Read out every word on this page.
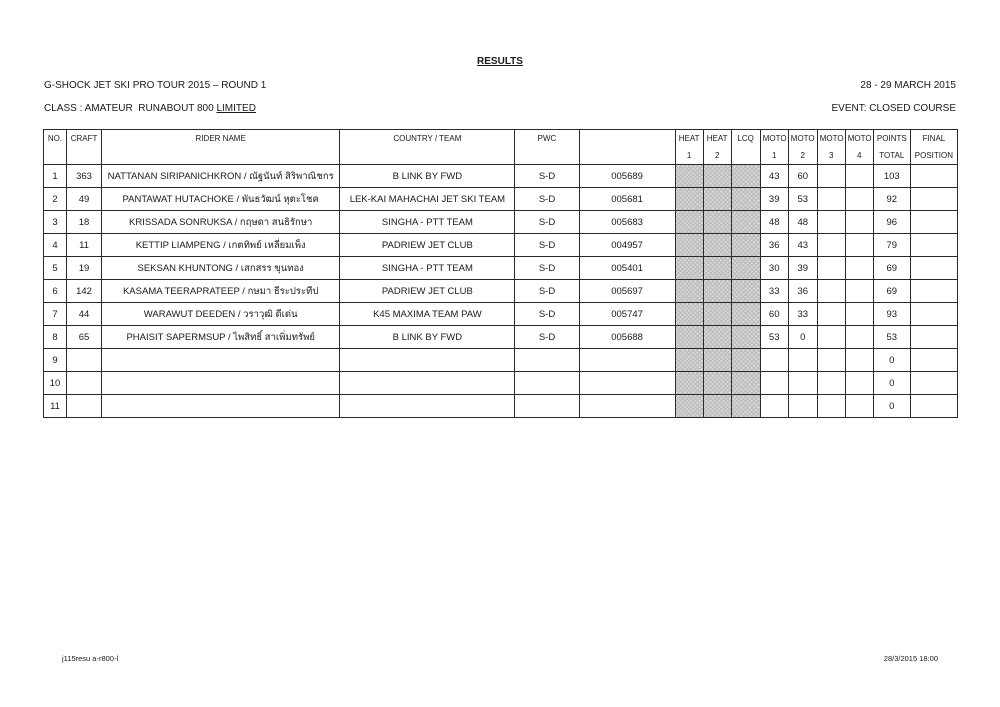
RESULTS
G-SHOCK JET SKI PRO TOUR 2015 – ROUND 1	28 - 29 MARCH 2015
CLASS : AMATEUR  RUNABOUT 800 LIMITED	EVENT: CLOSED COURSE
NO.	CRAFT	RIDER NAME	COUNTRY / TEAM	PWC		HEAT	HEAT	LCQ	MOTO	MOTO	MOTO	MOTO	POINTS	FINAL
						1	2		1	2	3	4	TOTAL	POSITION
1	363	NATTANAN SIRIPANICHKRON / ณัฐนันท์ สิริพาณิชกร	B LINK BY FWD	S-D	005689				43	60			103	
2	49	PANTAWAT HUTACHOKE / พันธวัฒน์ หุตะโชค	LEK-KAI MAHACHAI JET SKI TEAM	S-D	005681				39	53			92	
3	18	KRISSADA SONRUKSA / กฤษดา สนธิรักษา	SINGHA - PTT TEAM	S-D	005683				48	48			96	
4	11	KETTIP LIAMPENG / เกตทิพย์ เหลี่ยมเพ็ง	PADRIEW JET CLUB	S-D	004957				36	43			79	
5	19	SEKSAN KHUNTONG / เสกสรร ขุนทอง	SINGHA - PTT TEAM	S-D	005401				30	39			69	
6	142	KASAMA TEERAPRATEEP / กษมา ธีระประทีป	PADRIEW JET CLUB	S-D	005697				33	36			69	
7	44	WARAWUT DEEDEN / วราวุฒิ ดีเด่น	K45 MAXIMA TEAM PAW	S-D	005747				60	33			93	
8	65	PHAISIT SAPERMSUP / ไพสิทธิ์ สาเพิ่มทรัพย์	B LINK BY FWD	S-D	005688				53	0			53	
9													0	
10													0	
11													0	
j115resu a-r800-l	28/3/2015 18:00
